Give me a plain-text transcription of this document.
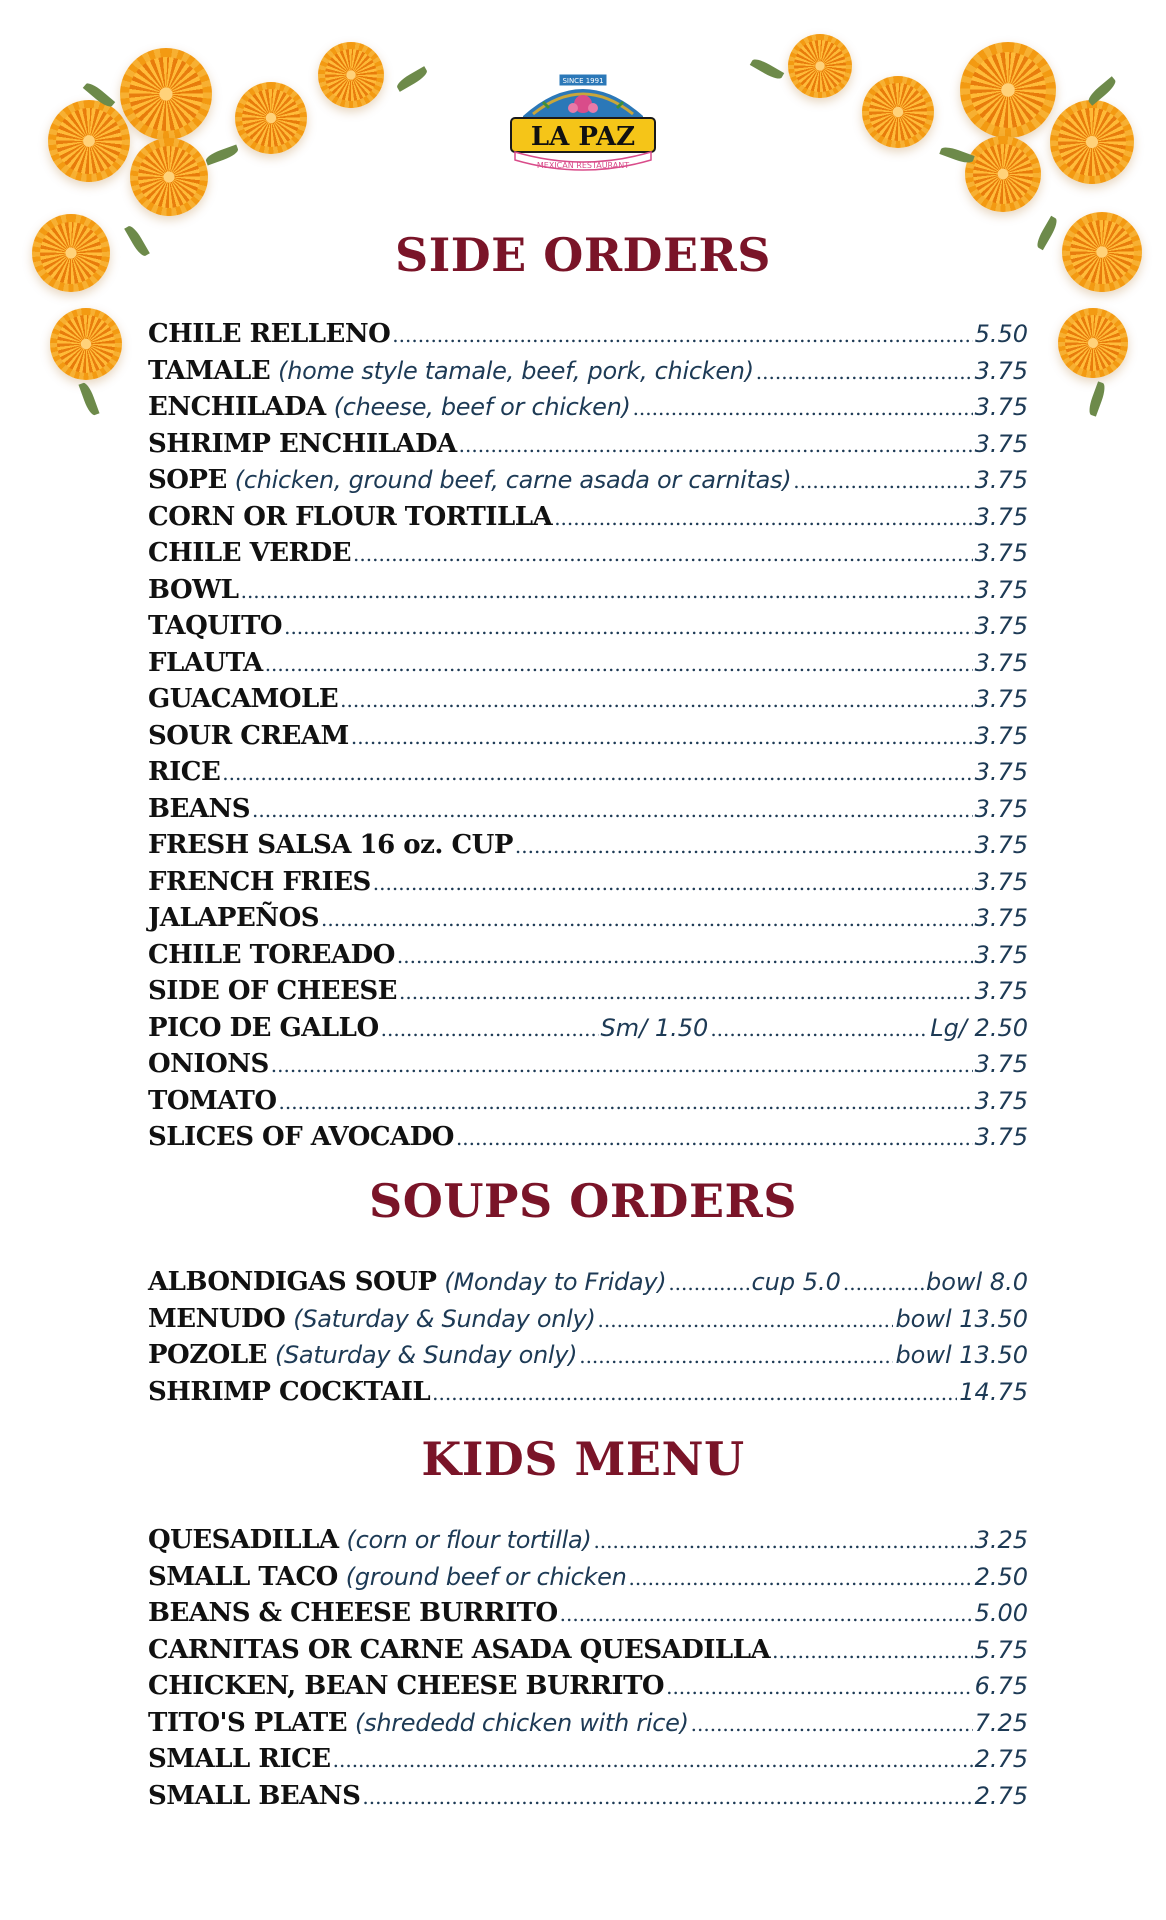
SINCE 1991
LA PAZ
MEXICAN RESTAURANT
SIDE ORDERS
CHILE RELLENO .....	5.50
TAMALE (home style tamale, beef, pork, chicken) .....	3.75
ENCHILADA (cheese, beef or chicken) .....	3.75
SHRIMP ENCHILADA .....	3.75
SOPE (chicken, ground beef, carne asada or carnitas) .....	3.75
CORN OR FLOUR TORTILLA .....	3.75
CHILE VERDE .....	3.75
BOWL .....	3.75
TAQUITO .....	3.75
FLAUTA .....	3.75
GUACAMOLE .....	3.75
SOUR CREAM .....	3.75
RICE .....	3.75
BEANS .....	3.75
FRESH SALSA 16 oz. CUP .....	3.75
FRENCH FRIES .....	3.75
JALAPEÑOS .....	3.75
CHILE TOREADO .....	3.75
SIDE OF CHEESE .....	3.75
PICO DE GALLO .....	Sm/ 1.50 .....	Lg/ 2.50
ONIONS .....	3.75
TOMATO .....	3.75
SLICES OF AVOCADO .....	3.75
SOUPS ORDERS
ALBONDIGAS SOUP (Monday to Friday) .....	cup 5.0 .....	bowl 8.0
MENUDO (Saturday & Sunday only) .....	bowl 13.50
POZOLE (Saturday & Sunday only) .....	bowl 13.50
SHRIMP COCKTAIL .....	14.75
KIDS MENU
QUESADILLA (corn or flour tortilla) .....	3.25
SMALL TACO (ground beef or chicken .....	2.50
BEANS & CHEESE BURRITO .....	5.00
CARNITAS OR CARNE ASADA QUESADILLA .....	5.75
CHICKEN, BEAN CHEESE BURRITO .....	6.75
TITO'S PLATE (shrededd chicken with rice) .....	7.25
SMALL RICE .....	2.75
SMALL BEANS .....	2.75
